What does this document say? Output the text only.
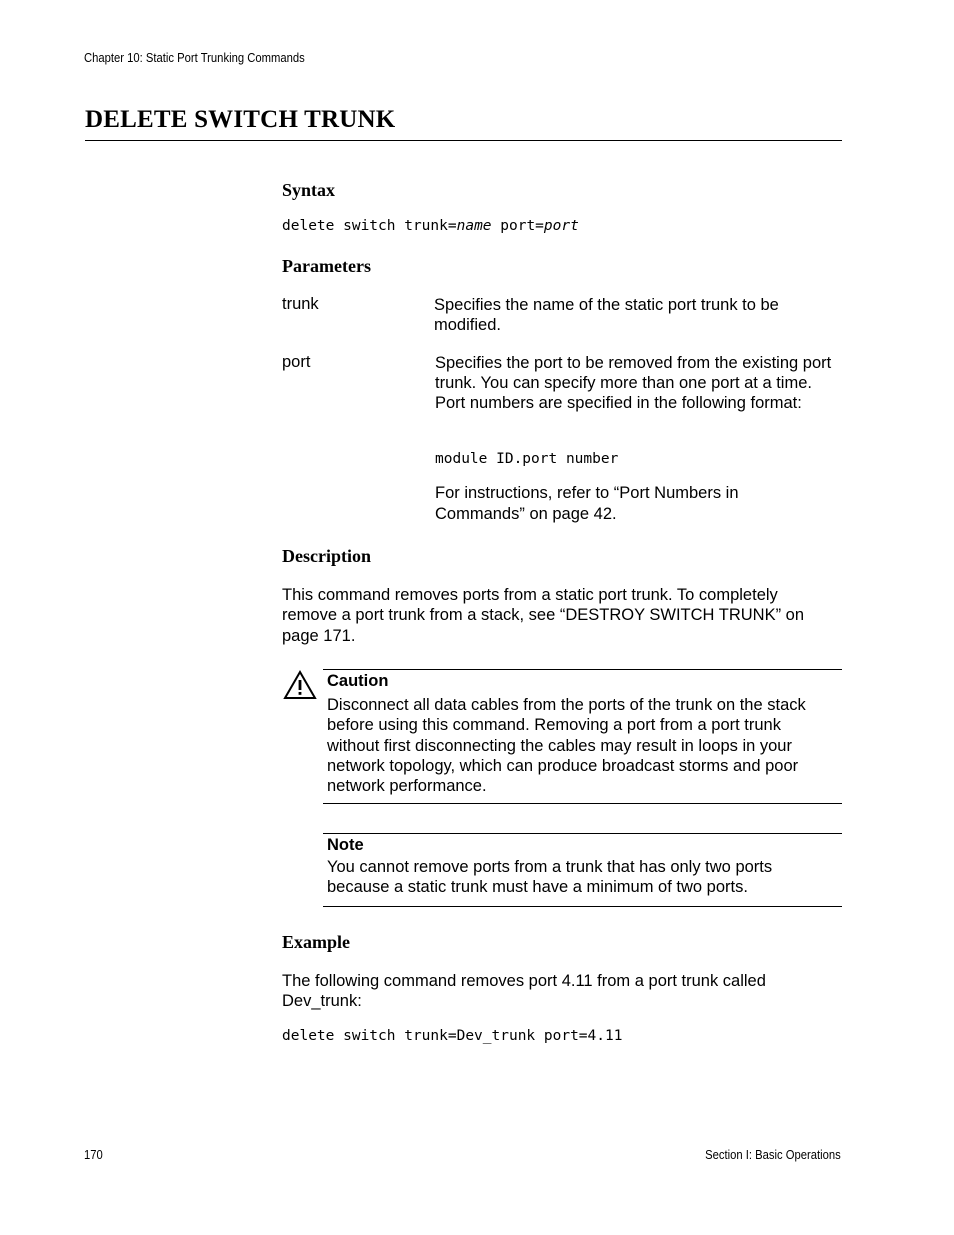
Chapter 10: Static Port Trunking Commands
DELETE SWITCH TRUNK
Syntax
delete switch trunk=name port=port
Parameters
trunk	Specifies the name of the static port trunk to be modified.
port	Specifies the port to be removed from the existing port trunk. You can specify more than one port at a time. Port numbers are specified in the following format:
module ID.port number
For instructions, refer to “Port Numbers in Commands” on page 42.
Description
This command removes ports from a static port trunk. To completely remove a port trunk from a stack, see “DESTROY SWITCH TRUNK” on page 171.
Caution
Disconnect all data cables from the ports of the trunk on the stack before using this command. Removing a port from a port trunk without first disconnecting the cables may result in loops in your network topology, which can produce broadcast storms and poor network performance.
Note
You cannot remove ports from a trunk that has only two ports because a static trunk must have a minimum of two ports.
Example
The following command removes port 4.11 from a port trunk called Dev_trunk:
delete switch trunk=Dev_trunk port=4.11
170	Section I: Basic Operations
